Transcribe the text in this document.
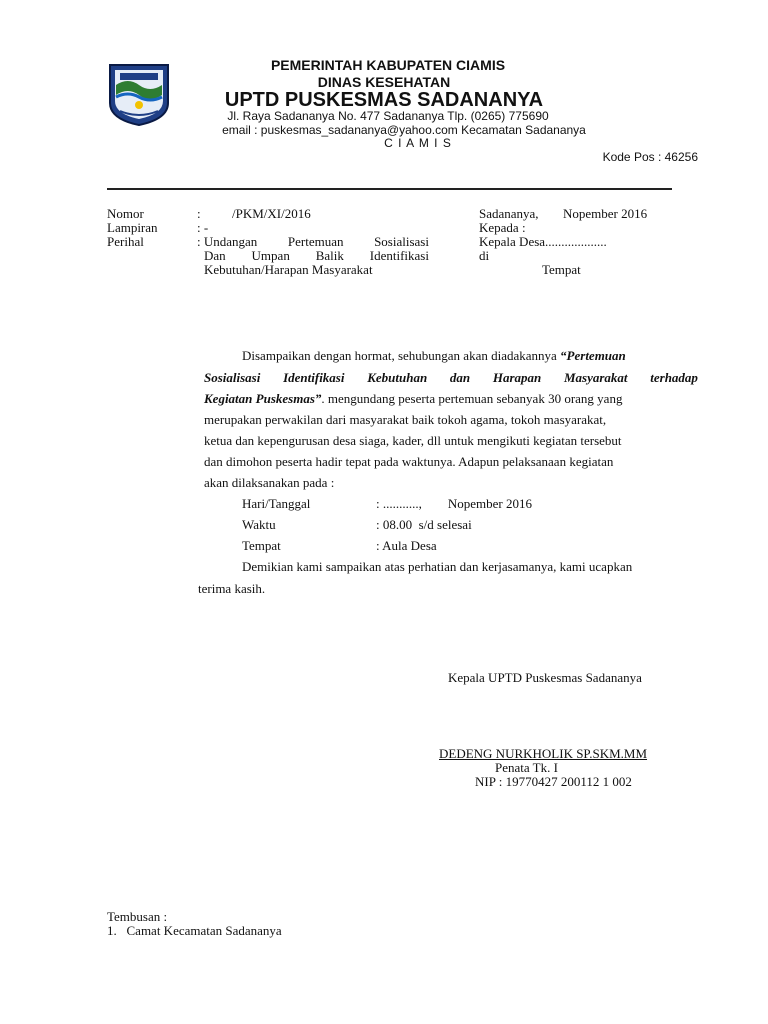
PEMERINTAH KABUPATEN CIAMIS
DINAS KESEHATAN
UPTD PUSKESMAS SADANANYA
Jl. Raya Sadananya No. 477 Sadananya Tlp. (0265) 775690
email : puskesmas_sadananya@yahoo.com Kecamatan Sadananya
C I A M I S
Kode Pos : 46256
Nomor	: /PKM/XI/2016
Lampiran	: -
Perihal	: Undangan Pertemuan Sosialisasi
Dan Umpan Balik Identifikasi
Kebutuhan/Harapan Masyarakat
Sadananya, Nopember 2016
Kepada :
Kepala Desa...................
di
Tempat
Disampaikan dengan hormat, sehubungan akan diadakannya “Pertemuan
Sosialisasi Identifikasi Kebutuhan dan Harapan Masyarakat terhadap
Kegiatan Puskesmas”. mengundang peserta pertemuan sebanyak 30 orang yang
merupakan perwakilan dari masyarakat baik tokoh agama, tokoh masyarakat,
ketua dan kepengurusan desa siaga, kader, dll untuk mengikuti kegiatan tersebut
dan dimohon peserta hadir tepat pada waktunya. Adapun pelaksanaan kegiatan
akan dilaksanakan pada :
Hari/Tanggal	: ...........,        Nopember 2016
Waktu	: 08.00  s/d selesai
Tempat	: Aula Desa
Demikian kami sampaikan atas perhatian dan kerjasamanya, kami ucapkan
terima kasih.
Kepala UPTD Puskesmas Sadananya
DEDENG NURKHOLIK SP.SKM.MM
Penata Tk. I
NIP : 19770427 200112 1 002
Tembusan :
1.   Camat Kecamatan Sadananya
